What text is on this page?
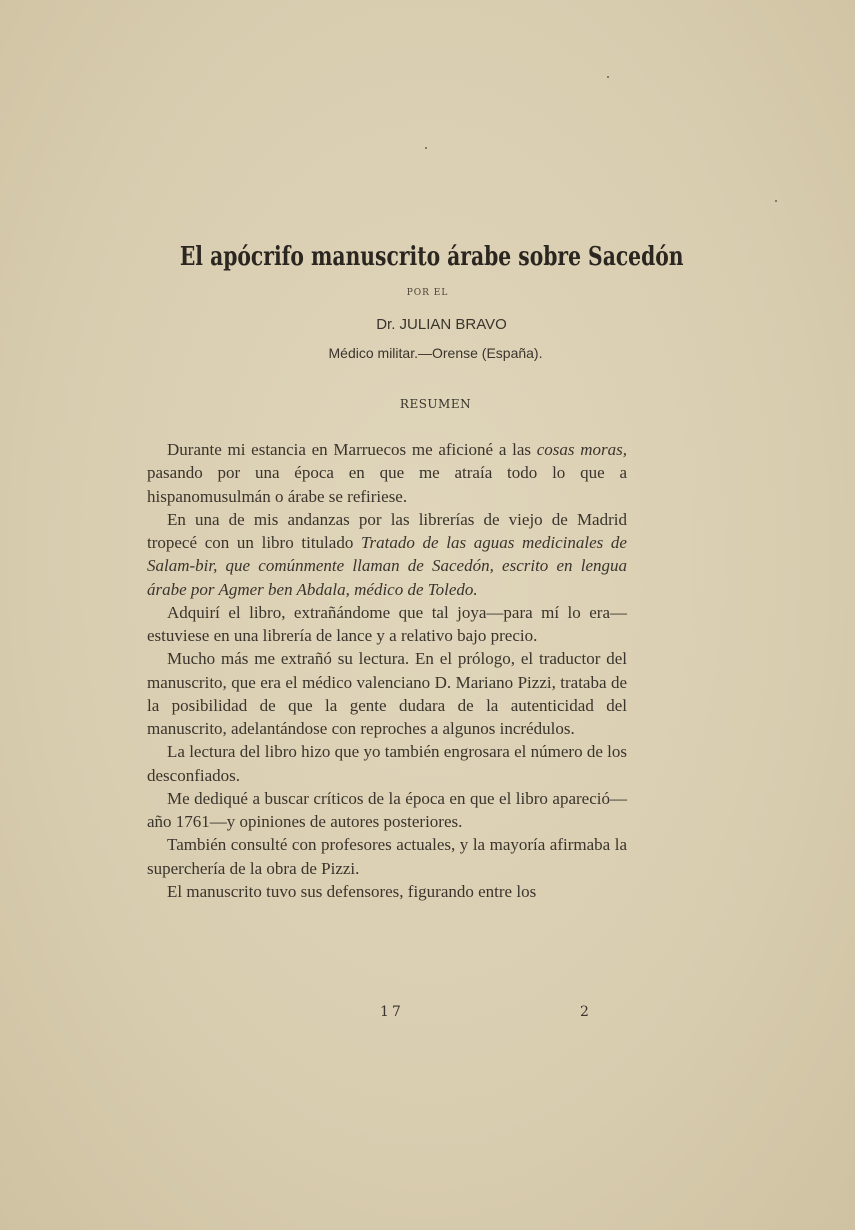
El apócrifo manuscrito árabe sobre Sacedón
POR EL
Dr. JULIAN BRAVO
Médico militar.—Orense (España).
RESUMEN

Durante mi estancia en Marruecos me aficioné a las cosas moras, pasando por una época en que me atraía todo lo que a hispanomusulmán o árabe se refiriese.

En una de mis andanzas por las librerías de viejo de Madrid tropecé con un libro titulado Tratado de las aguas medicinales de Salam-bir, que comúnmente llaman de Sacedón, escrito en lengua árabe por Agmer ben Abdala, médico de Toledo.

Adquirí el libro, extrañándome que tal joya—para mí lo era—estuviese en una librería de lance y a relativo bajo precio.

Mucho más me extrañó su lectura. En el prólogo, el traductor del manuscrito, que era el médico valenciano D. Mariano Pizzi, trataba de la posibilidad de que la gente dudara de la autenticidad del manuscrito, adelantándose con reproches a algunos incrédulos.

La lectura del libro hizo que yo también engrosara el número de los desconfiados.

Me dediqué a buscar críticos de la época en que el libro apareció—año 1761—y opiniones de autores posteriores.

También consulté con profesores actuales, y la mayoría afirmaba la superchería de la obra de Pizzi.

El manuscrito tuvo sus defensores, figurando entre los

17	2
